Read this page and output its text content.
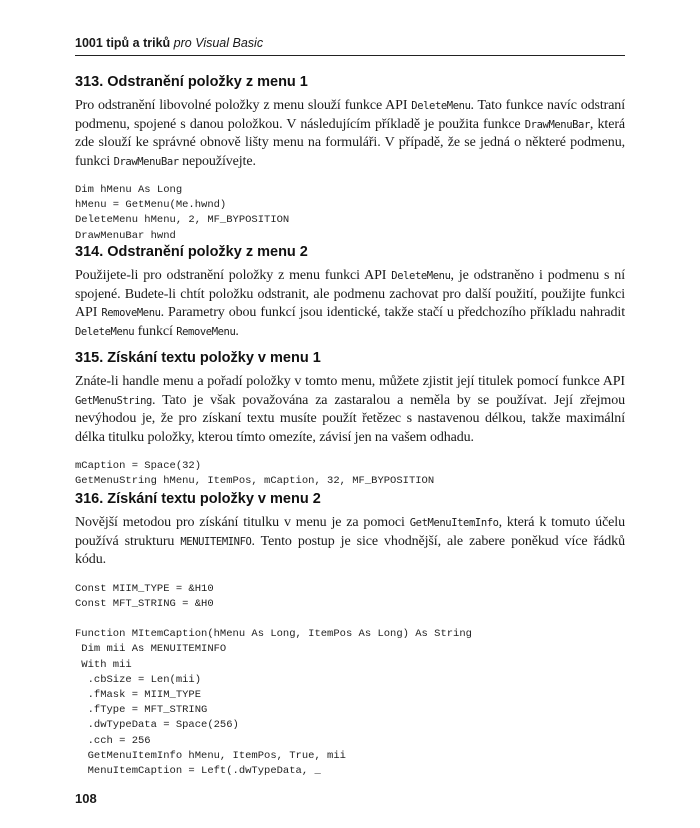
1001 tipů a triků pro Visual Basic
313. Odstranění položky z menu 1

Pro odstranění libovolné položky z menu slouží funkce API DeleteMenu. Tato funkce navíc odstraní podmenu, spojené s danou položkou. V následujícím příkladě je použita funkce DrawMenuBar, která zde slouží ke správné obnově lišty menu na formuláři. V případě, že se jedná o některé podmenu, funkci DrawMenuBar nepoužívejte.

Dim hMenu As Long
hMenu = GetMenu(Me.hwnd)
DeleteMenu hMenu, 2, MF_BYPOSITION
DrawMenuBar hwnd
314. Odstranění položky z menu 2

Použijete-li pro odstranění položky z menu funkci API DeleteMenu, je odstraněno i podmenu s ní spojené. Budete-li chtít položku odstranit, ale podmenu zachovat pro další použití, použijte funkci API RemoveMenu. Parametry obou funkcí jsou identické, takže stačí u předchozího příkladu nahradit DeleteMenu funkcí RemoveMenu.

315. Získání textu položky v menu 1

Znáte-li handle menu a pořadí položky v tomto menu, můžete zjistit její titulek pomocí funkce API GetMenuString. Tato je však považována za zastaralou a neměla by se používat. Její zřejmou nevýhodou je, že pro získaní textu musíte použít řetězec s nastavenou délkou, takže maximální délka titulku položky, kterou tímto omezíte, závisí jen na vašem odhadu.

mCaption = Space(32)
GetMenuString hMenu, ItemPos, mCaption, 32, MF_BYPOSITION
316. Získání textu položky v menu 2

Novější metodou pro získání titulku v menu je za pomoci GetMenuItemInfo, která k tomuto účelu používá strukturu MENUITEMINFO. Tento postup je sice vhodnější, ale zabere poněkud více řádků kódu.

Const MIIM_TYPE = &H10
Const MFT_STRING = &H0

Function MItemCaption(hMenu As Long, ItemPos As Long) As String
Dim mii As MENUITEMINFO
With mii
.cbSize = Len(mii)
.fMask = MIIM_TYPE
.fType = MFT_STRING
.dwTypeData = Space(256)
.cch = 256
GetMenuItemInfo hMenu, ItemPos, True, mii
MenuItemCaption = Left(.dwTypeData, _
108
